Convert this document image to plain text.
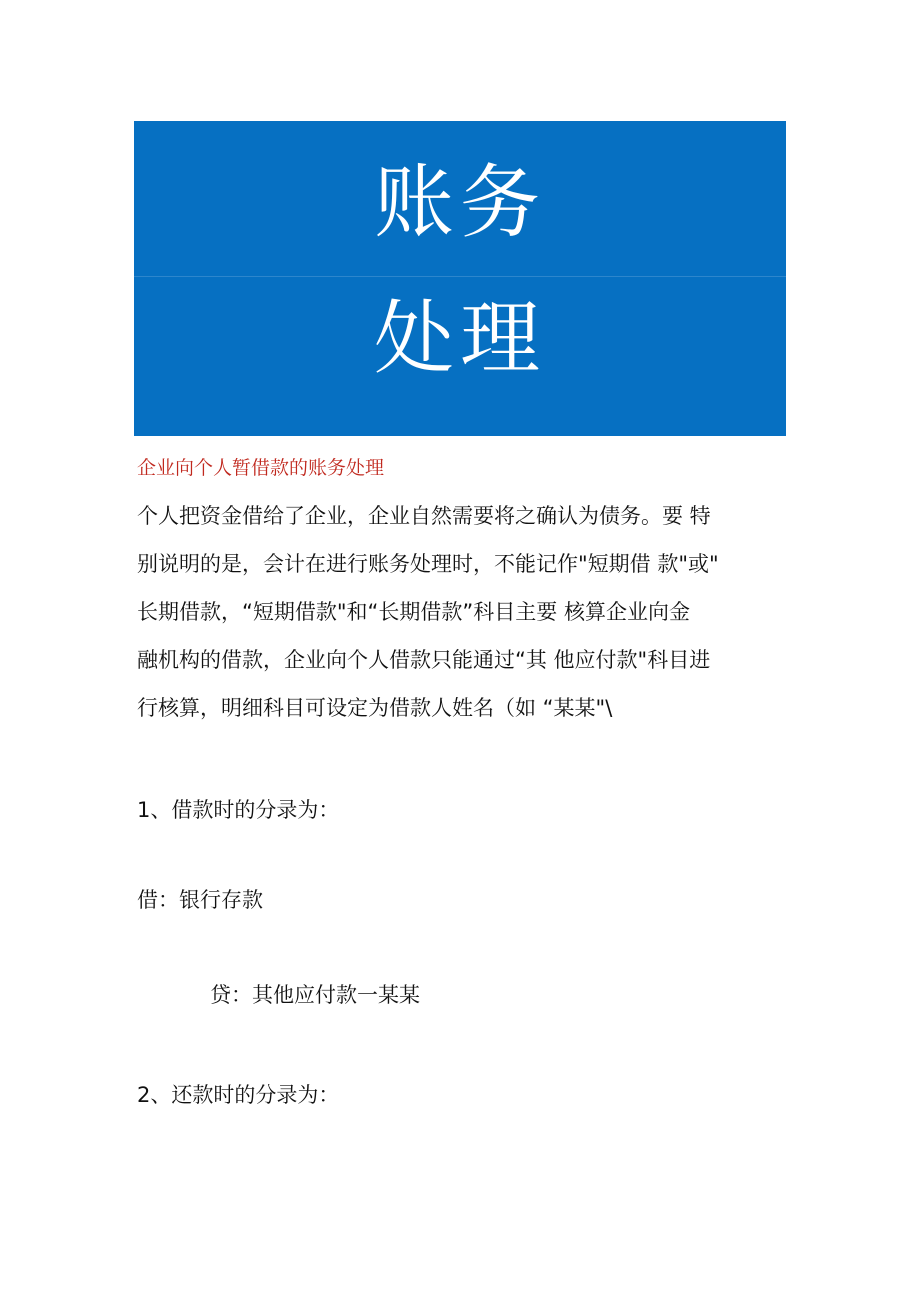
账务
处理
企业向个人暂借款的账务处理
个人把资金借给了企业，企业自然需要将之确认为债务。要 特
别说明的是，会计在进行账务处理时，不能记作"短期借 款"或"
长期借款，“短期借款"和“长期借款”科目主要 核算企业向金
融机构的借款，企业向个人借款只能通过“其 他应付款"科目进
行核算，明细科目可设定为借款人姓名（如 “某某"\
1、借款时的分录为：
借：银行存款
贷：其他应付款一某某
2、还款时的分录为：
